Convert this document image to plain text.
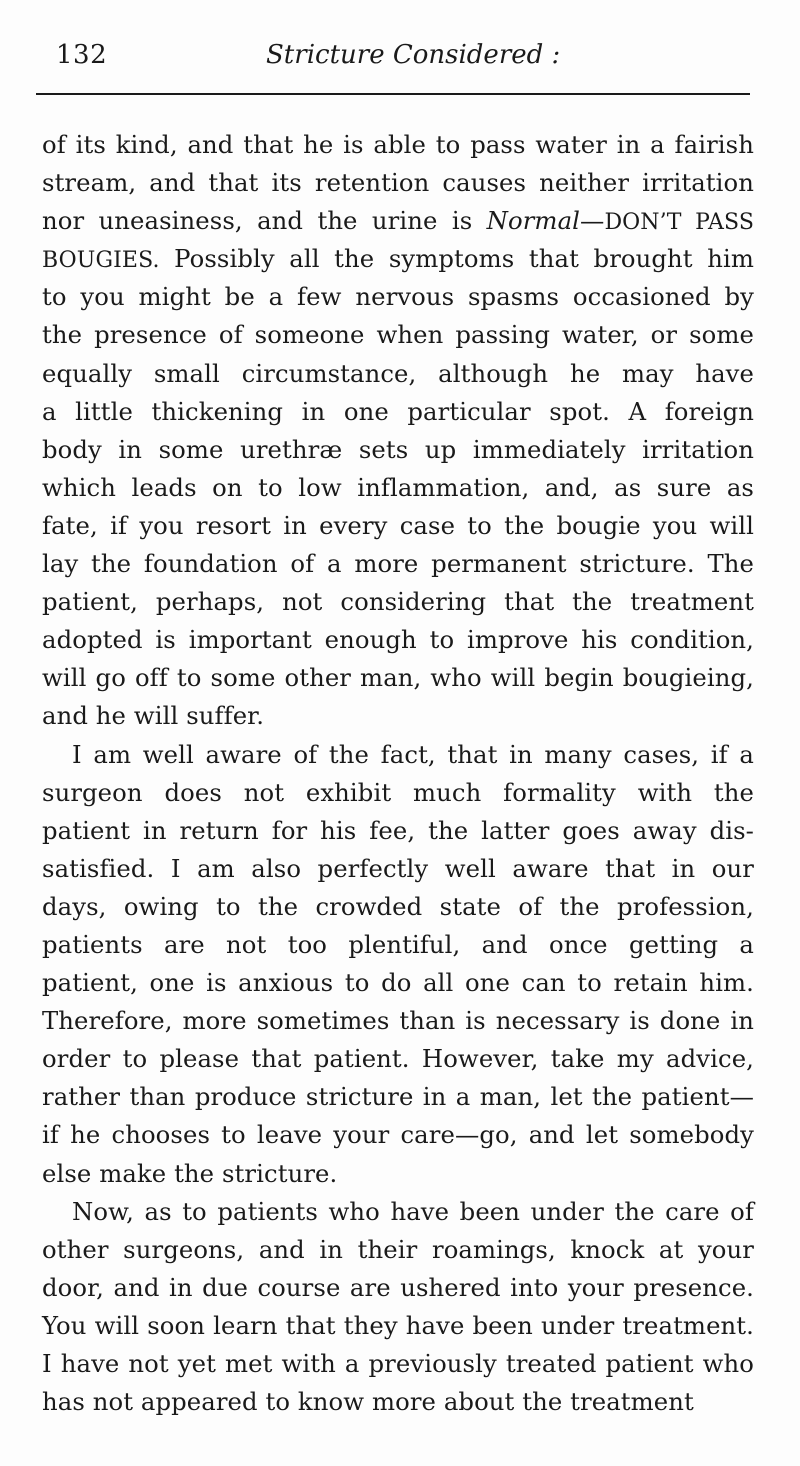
132	Stricture Considered :
of its kind, and that he is able to pass water in a fairish
stream, and that its retention causes neither irritation
nor uneasiness, and the urine is Normal—DON’T PASS
BOUGIES. Possibly all the symptoms that brought him
to you might be a few nervous spasms occasioned by
the presence of someone when passing water, or some
equally small circumstance, although he may have
a little thickening in one particular spot. A foreign
body in some urethræ sets up immediately irritation
which leads on to low inflammation, and, as sure as
fate, if you resort in every case to the bougie you will
lay the foundation of a more permanent stricture. The
patient, perhaps, not considering that the treatment
adopted is important enough to improve his condition,
will go off to some other man, who will begin bougieing,
and he will suffer.
I am well aware of the fact, that in many cases, if a
surgeon does not exhibit much formality with the
patient in return for his fee, the latter goes away dis-
satisfied. I am also perfectly well aware that in our
days, owing to the crowded state of the profession,
patients are not too plentiful, and once getting a
patient, one is anxious to do all one can to retain him.
Therefore, more sometimes than is necessary is done in
order to please that patient. However, take my advice,
rather than produce stricture in a man, let the patient—
if he chooses to leave your care—go, and let somebody
else make the stricture.
Now, as to patients who have been under the care of
other surgeons, and in their roamings, knock at your
door, and in due course are ushered into your presence.
You will soon learn that they have been under treatment.
I have not yet met with a previously treated patient who
has not appeared to know more about the treatment
